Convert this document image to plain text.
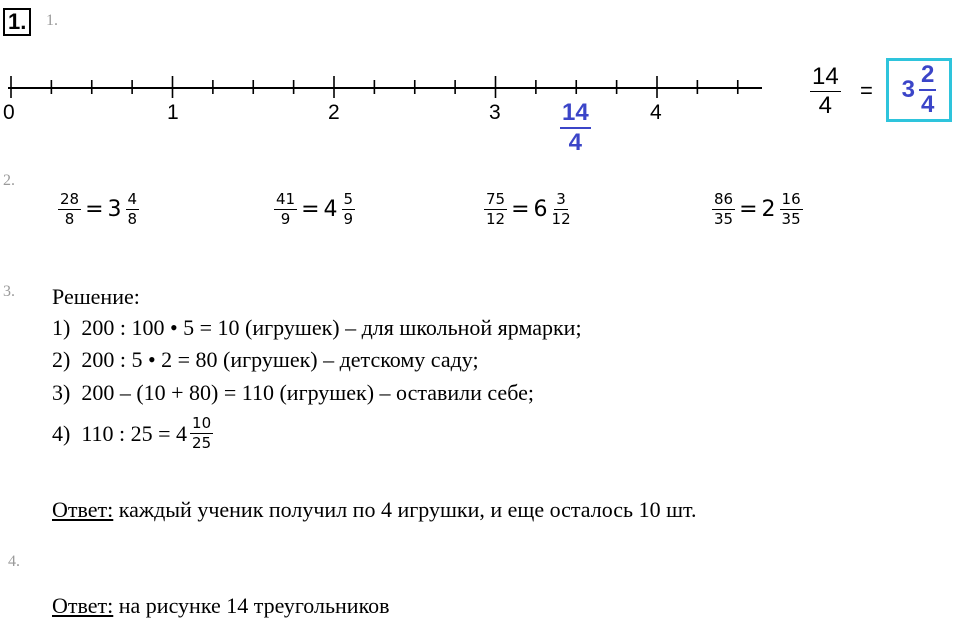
1.	1.
0	1	2	3	4
$\frac{14}{4}$
$\frac{14}{4} = 3 \frac{2}{4}$
2.
$\frac{28}{8} = 3 \frac{4}{8}$	$\frac{41}{9} = 4 \frac{5}{9}$	$\frac{75}{12} = 6 \frac{3}{12}$	$\frac{86}{35} = 2 \frac{16}{35}$
3. Решение:
1)  200 : 100 • 5 = 10 (игрушек) – для школьной ярмарки;
2)  200 : 5 • 2 = 80 (игрушек) – детскому саду;
3)  200 – (10 + 80) = 110 (игрушек) – оставили себе;
4)  110 : $25 = 4 \frac{10}{25}$
Ответ: каждый ученик получил по 4 игрушки, и еще осталось 10 шт.
4.
Ответ: на рисунке 14 треугольников
